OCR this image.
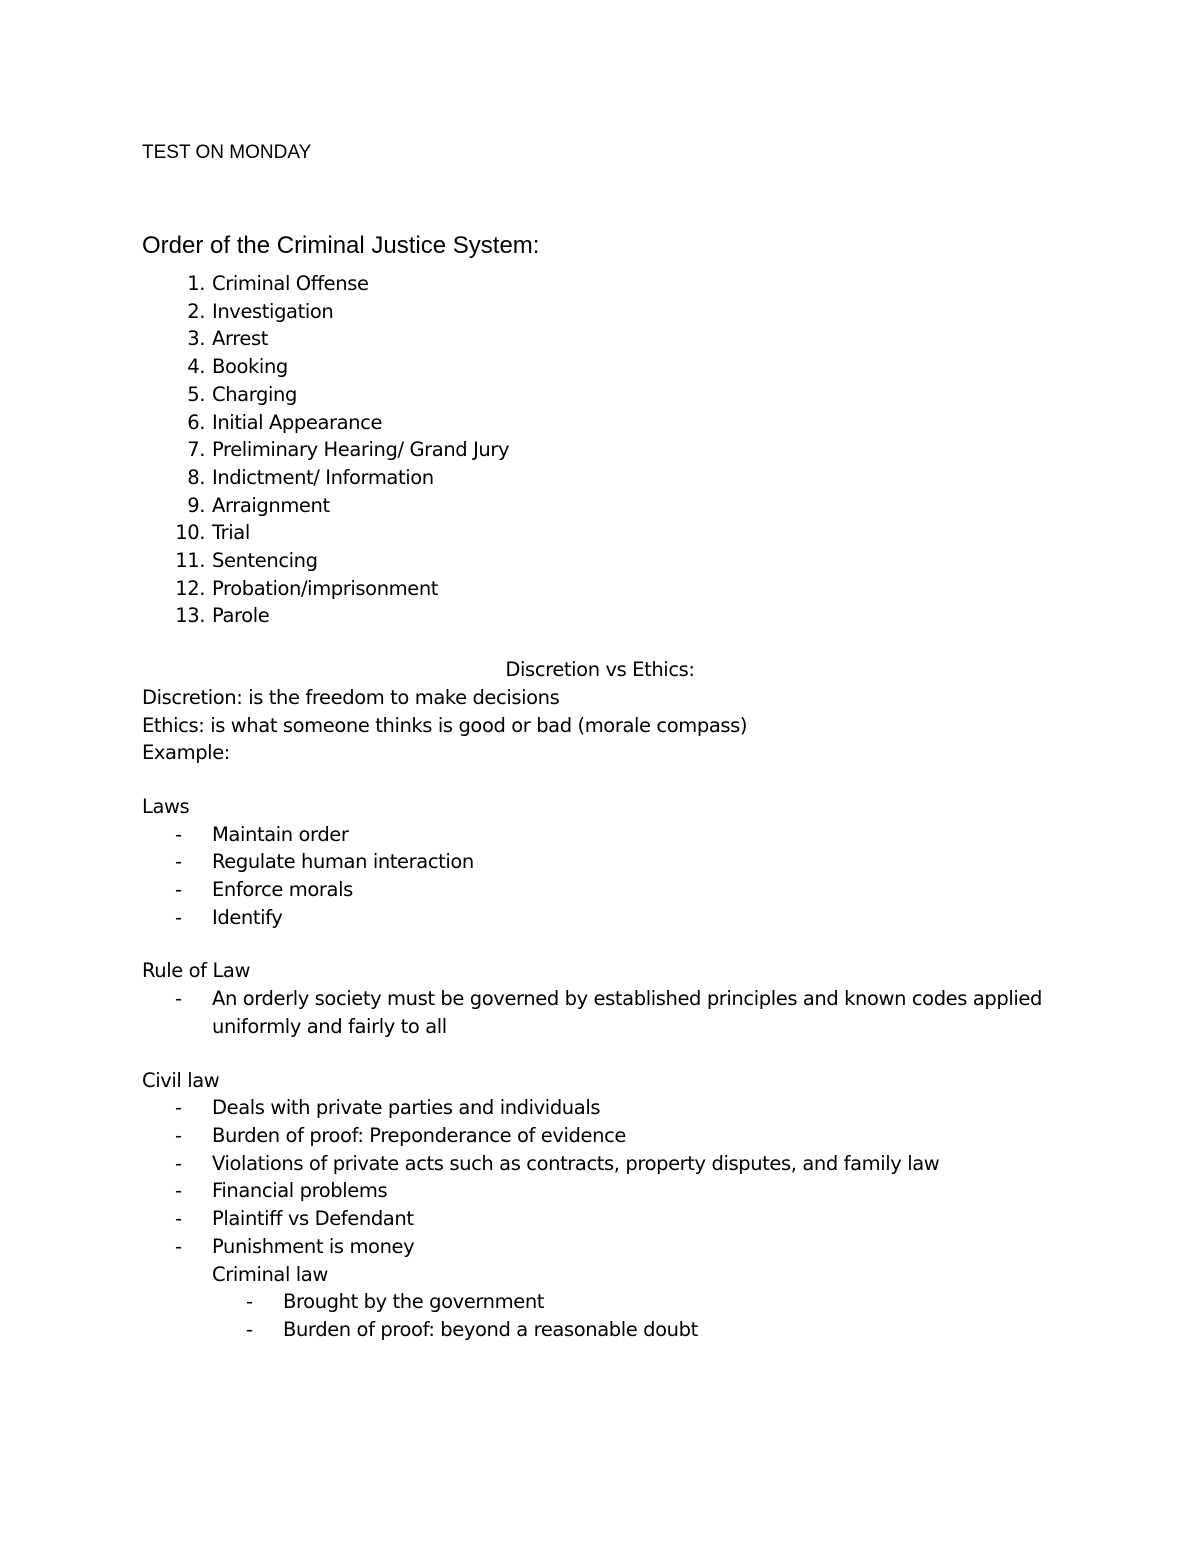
TEST ON MONDAY
Order of the Criminal Justice System:
1. Criminal Offense
2. Investigation
3. Arrest
4. Booking
5. Charging
6. Initial Appearance
7. Preliminary Hearing/ Grand Jury
8. Indictment/ Information
9. Arraignment
10. Trial
11. Sentencing
12. Probation/imprisonment
13. Parole
Discretion vs Ethics:
Discretion: is the freedom to make decisions
Ethics: is what someone thinks is good or bad (morale compass)
Example:
Laws
-	Maintain order
-	Regulate human interaction
-	Enforce morals
-	Identify
Rule of Law
-	An orderly society must be governed by established principles and known codes applied uniformly and fairly to all
Civil law
-	Deals with private parties and individuals
-	Burden of proof: Preponderance of evidence
-	Violations of private acts such as contracts, property disputes, and family law
-	Financial problems
-	Plaintiff vs Defendant
-	Punishment is money
Criminal law
-	Brought by the government
-	Burden of proof: beyond a reasonable doubt
